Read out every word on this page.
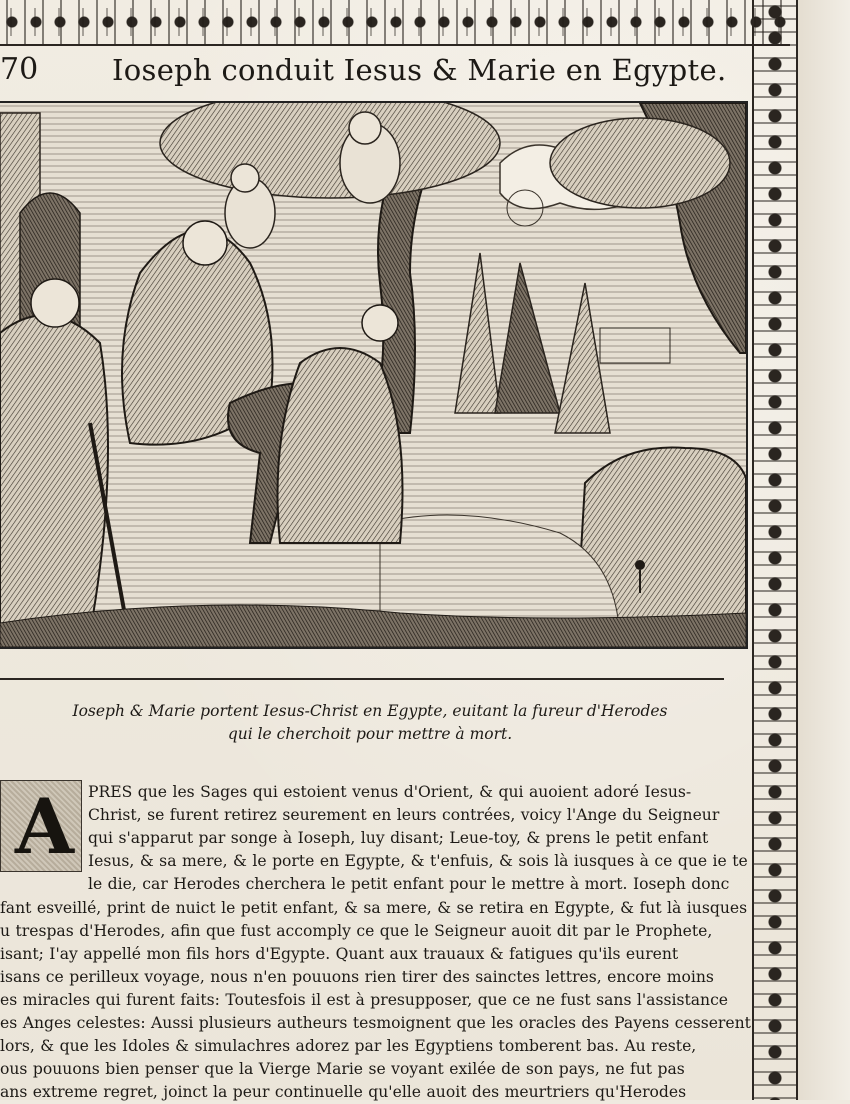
70	Ioseph conduit Iesus & Marie en Egypte.
Ioseph & Marie portent Iesus-Christ en Egypte, euitant la fureur d'Herodes
qui le cherchoit pour mettre à mort.
A PRES que les Sages qui estoient venus d'Orient, & qui auoient adoré Iesus-
Christ, se furent retirez seurement en leurs contrées, voicy l'Ange du Seigneur
qui s'apparut par songe à Ioseph, luy disant; Leue-toy, & prens le petit enfant
Iesus, & sa mere, & le porte en Egypte, & t'enfuis, & sois là iusques à ce que ie te
le die, car Herodes cherchera le petit enfant pour le mettre à mort. Ioseph donc
fant esveillé, print de nuict le petit enfant, & sa mere, & se retira en Egypte, & fut là iusques
u trespas d'Herodes, afin que fust accomply ce que le Seigneur auoit dit par le Prophete,
isant; I'ay appellé mon fils hors d'Egypte. Quant aux trauaux & fatigues qu'ils eurent
isans ce perilleux voyage, nous n'en pouuons rien tirer des sainctes lettres, encore moins
es miracles qui furent faits: Toutesfois il est à presupposer, que ce ne fust sans l'assistance
es Anges celestes: Aussi plusieurs autheurs tesmoignent que les oracles des Payens cesserent
lors, & que les Idoles & simulachres adorez par les Egyptiens tomberent bas. Au reste,
ous pouuons bien penser que la Vierge Marie se voyant exilée de son pays, ne fut pas
ans extreme regret, joinct la peur continuelle qu'elle auoit des meurtriers qu'Herodes
